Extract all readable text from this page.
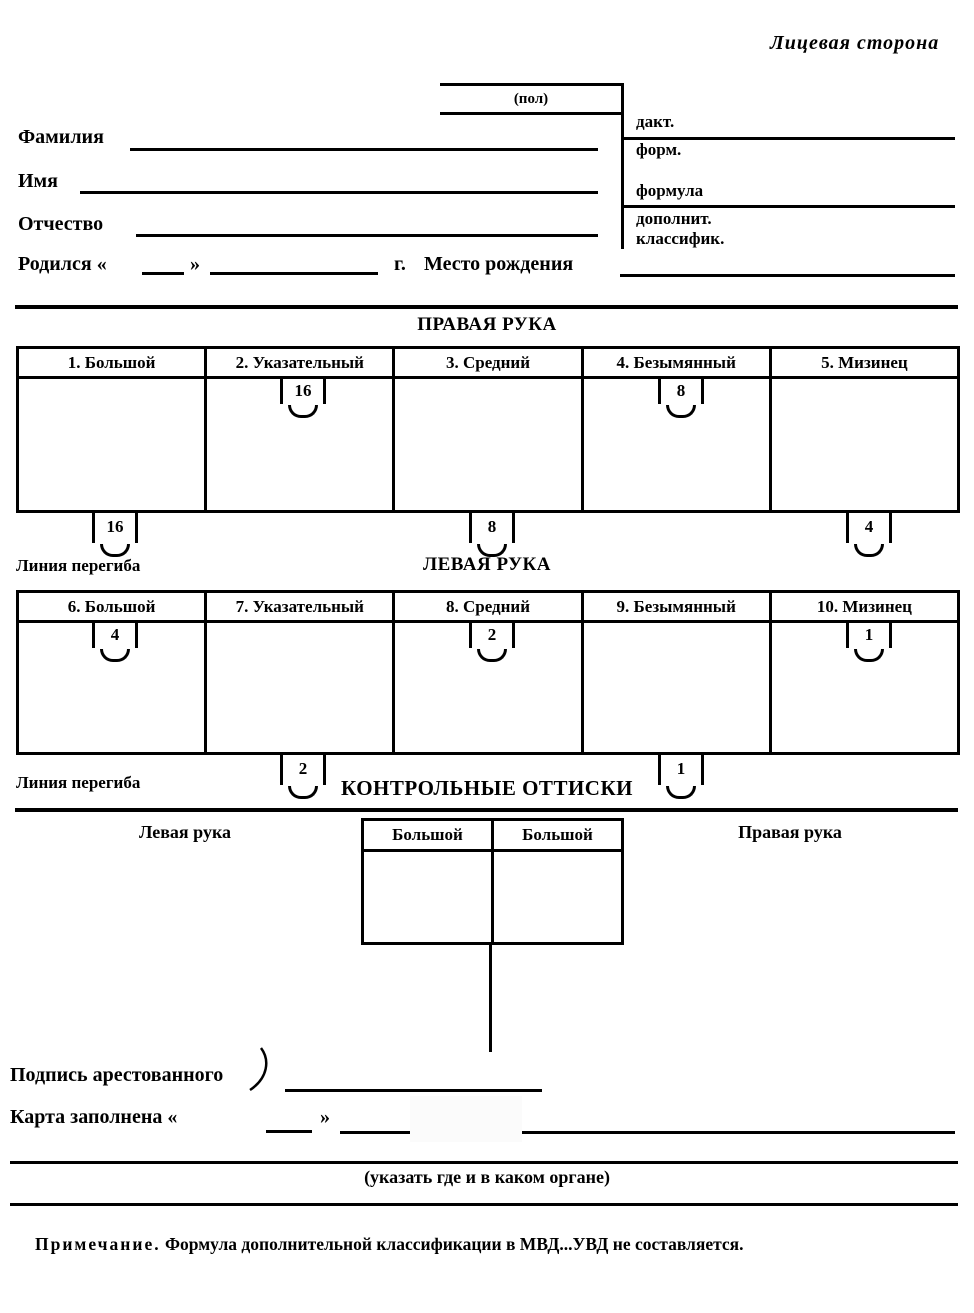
Лицевая сторона
(пол)
Фамилия
Имя
Отчество
Родился «	»	г. Место рождения
дакт.
форм.
формула
дополнит.
классифик.
ПРАВАЯ РУКА
1. Большой	2. Указательный	3. Средний	4. Безымянный	5. Мизинец
16	8
16	8	4
Линия перегиба	ЛЕВАЯ РУКА
6. Большой	7. Указательный	8. Средний	9. Безымянный	10. Мизинец
4	2	1
2	1
Линия перегиба	КОНТРОЛЬНЫЕ ОТТИСКИ
Левая рука	Правая рука
Большой	Большой
Подпись арестованного
Карта заполнена «	»
(указать где и в каком органе)
Примечание. Формула дополнительной классификации в МВД...УВД не составляется.
